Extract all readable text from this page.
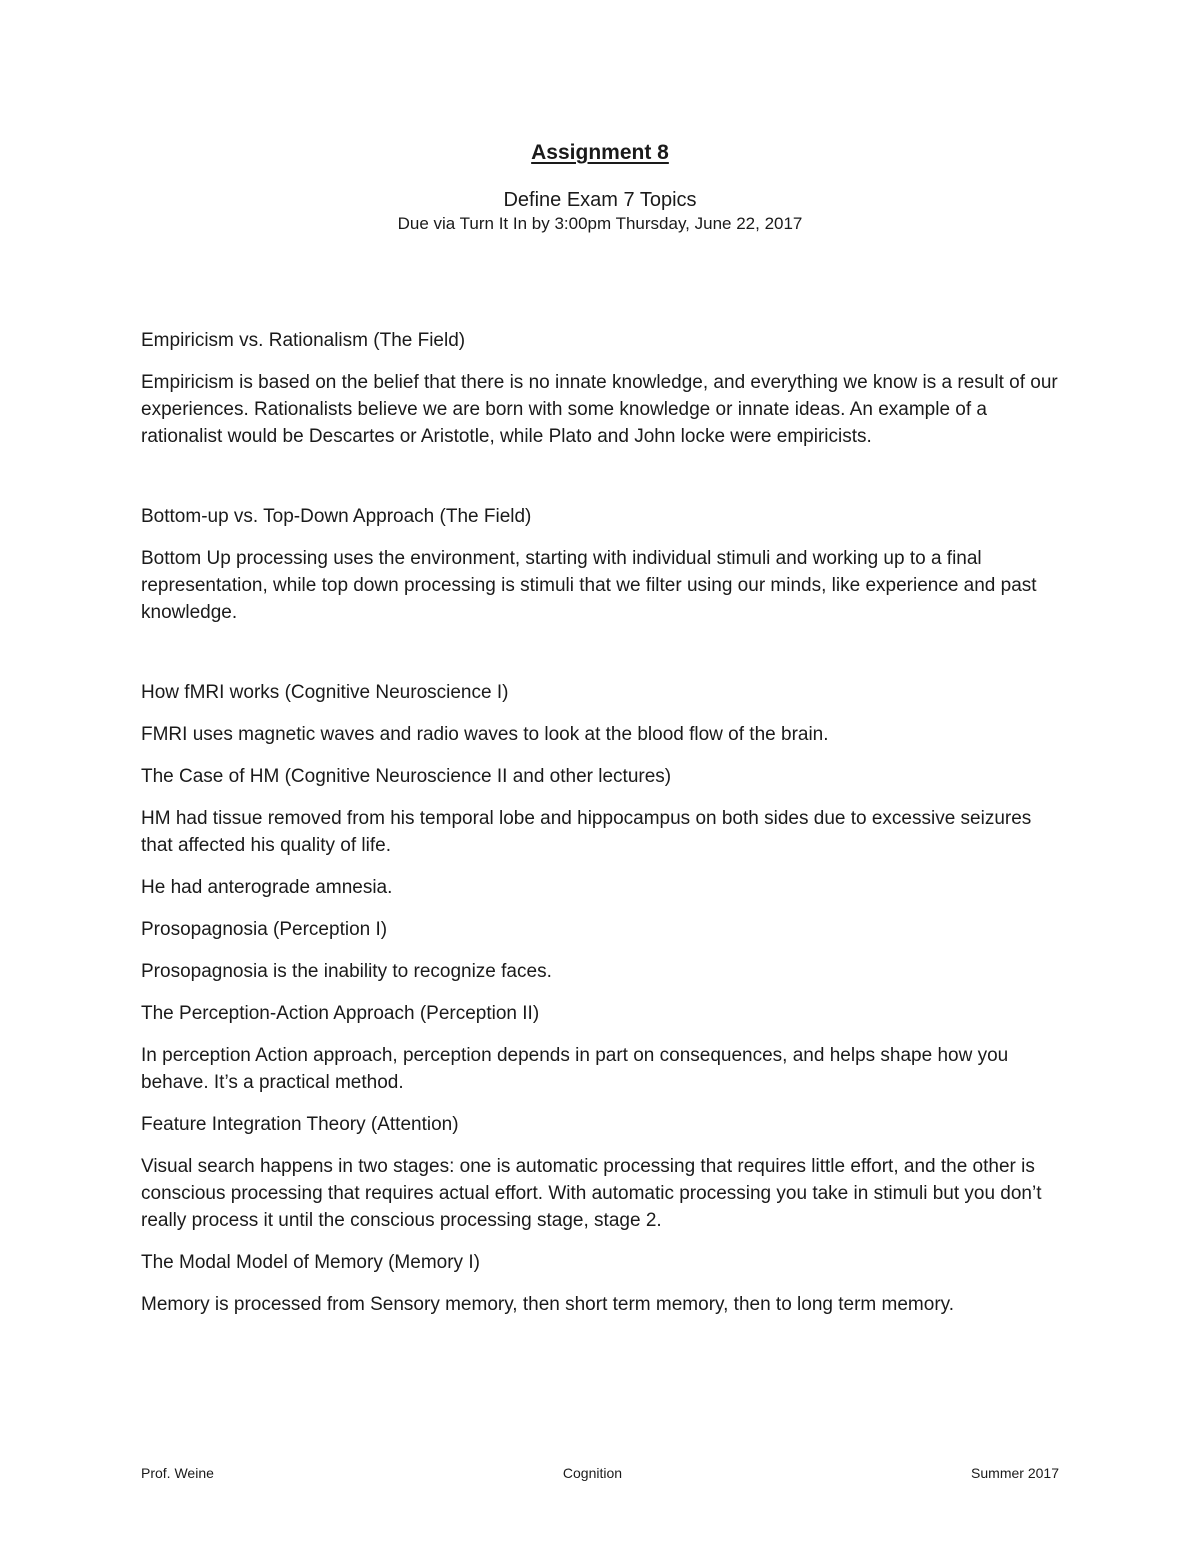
Assignment 8
Define Exam 7 Topics
Due via Turn It In by 3:00pm Thursday, June 22, 2017

Empiricism vs. Rationalism (The Field)

Empiricism is based on the belief that there is no innate knowledge, and everything we know is a result of our experiences. Rationalists believe we are born with some knowledge or innate ideas. An example of a rationalist would be Descartes or Aristotle, while Plato and John locke were empiricists.

Bottom-up vs. Top-Down Approach (The Field)

Bottom Up processing uses the environment, starting with individual stimuli and working up to a final representation, while top down processing is stimuli that we filter using our minds, like experience and past knowledge.

How fMRI works (Cognitive Neuroscience I)

FMRI uses magnetic waves and radio waves to look at the blood flow of the brain.

The Case of HM (Cognitive Neuroscience II and other lectures)

HM had tissue removed from his temporal lobe and hippocampus on both sides due to excessive seizures that affected his quality of life.

He had anterograde amnesia.

Prosopagnosia (Perception I)

Prosopagnosia is the inability to recognize faces.

The Perception-Action Approach (Perception II)

In perception Action approach, perception depends in part on consequences, and helps shape how you behave. It’s a practical method.

Feature Integration Theory (Attention)

Visual search happens in two stages: one is automatic processing that requires little effort, and the other is conscious processing that requires actual effort. With automatic processing you take in stimuli but you don’t really process it until the conscious processing stage, stage 2.

The Modal Model of Memory (Memory I)

Memory is processed from Sensory memory, then short term memory, then to long term memory.

Prof. Weine	Cognition	Summer 2017
